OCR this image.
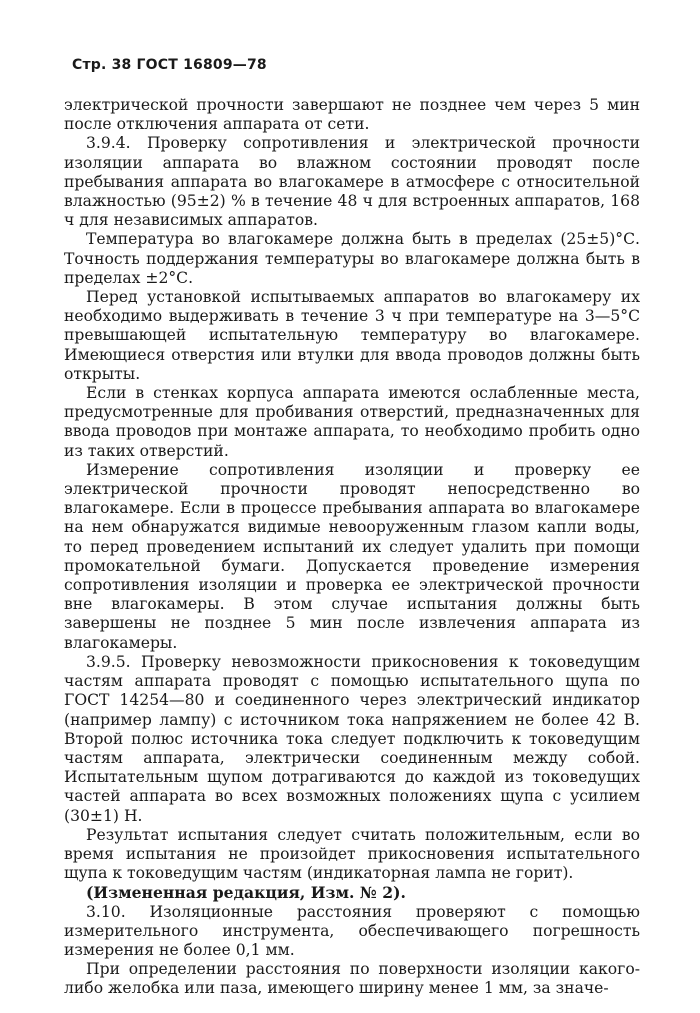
Стр. 38 ГОСТ 16809—78

электрической прочности завершают не позднее чем через 5 мин после отключения аппарата от сети.

3.9.4. Проверку сопротивления и электрической прочности изоляции аппарата во влажном состоянии проводят после пребывания аппарата во влагокамере в атмосфере с относительной влажностью (95±2) % в течение 48 ч для встроенных аппаратов, 168 ч для независимых аппаратов.

Температура во влагокамере должна быть в пределах (25±5)°С. Точность поддержания температуры во влагокамере должна быть в пределах ±2°С.

Перед установкой испытываемых аппаратов во влагокамеру их необходимо выдерживать в течение 3 ч при температуре на 3—5°С превышающей испытательную температуру во влагокамере. Имеющиеся отверстия или втулки для ввода проводов должны быть открыты.

Если в стенках корпуса аппарата имеются ослабленные места, предусмотренные для пробивания отверстий, предназначенных для ввода проводов при монтаже аппарата, то необходимо пробить одно из таких отверстий.

Измерение сопротивления изоляции и проверку ее электрической прочности проводят непосредственно во влагокамере. Если в процессе пребывания аппарата во влагокамере на нем обнаружатся видимые невооруженным глазом капли воды, то перед проведением испытаний их следует удалить при помощи промокательной бумаги. Допускается проведение измерения сопротивления изоляции и проверка ее электрической прочности вне влагокамеры. В этом случае испытания должны быть завершены не позднее 5 мин после извлечения аппарата из влагокамеры.

3.9.5. Проверку невозможности прикосновения к токоведущим частям аппарата проводят с помощью испытательного щупа по ГОСТ 14254—80 и соединенного через электрический индикатор (например лампу) с источником тока напряжением не более 42 В. Второй полюс источника тока следует подключить к токоведущим частям аппарата, электрически соединенным между собой. Испытательным щупом дотрагиваются до каждой из токоведущих частей аппарата во всех возможных положениях щупа с усилием (30±1) Н.

Результат испытания следует считать положительным, если во время испытания не произойдет прикосновения испытательного щупа к токоведущим частям (индикаторная лампа не горит).

(Измененная редакция, Изм. № 2).

3.10. Изоляционные расстояния проверяют с помощью измерительного инструмента, обеспечивающего погрешность измерения не более 0,1 мм.

При определении расстояния по поверхности изоляции какого-либо желобка или паза, имеющего ширину менее 1 мм, за значе-
